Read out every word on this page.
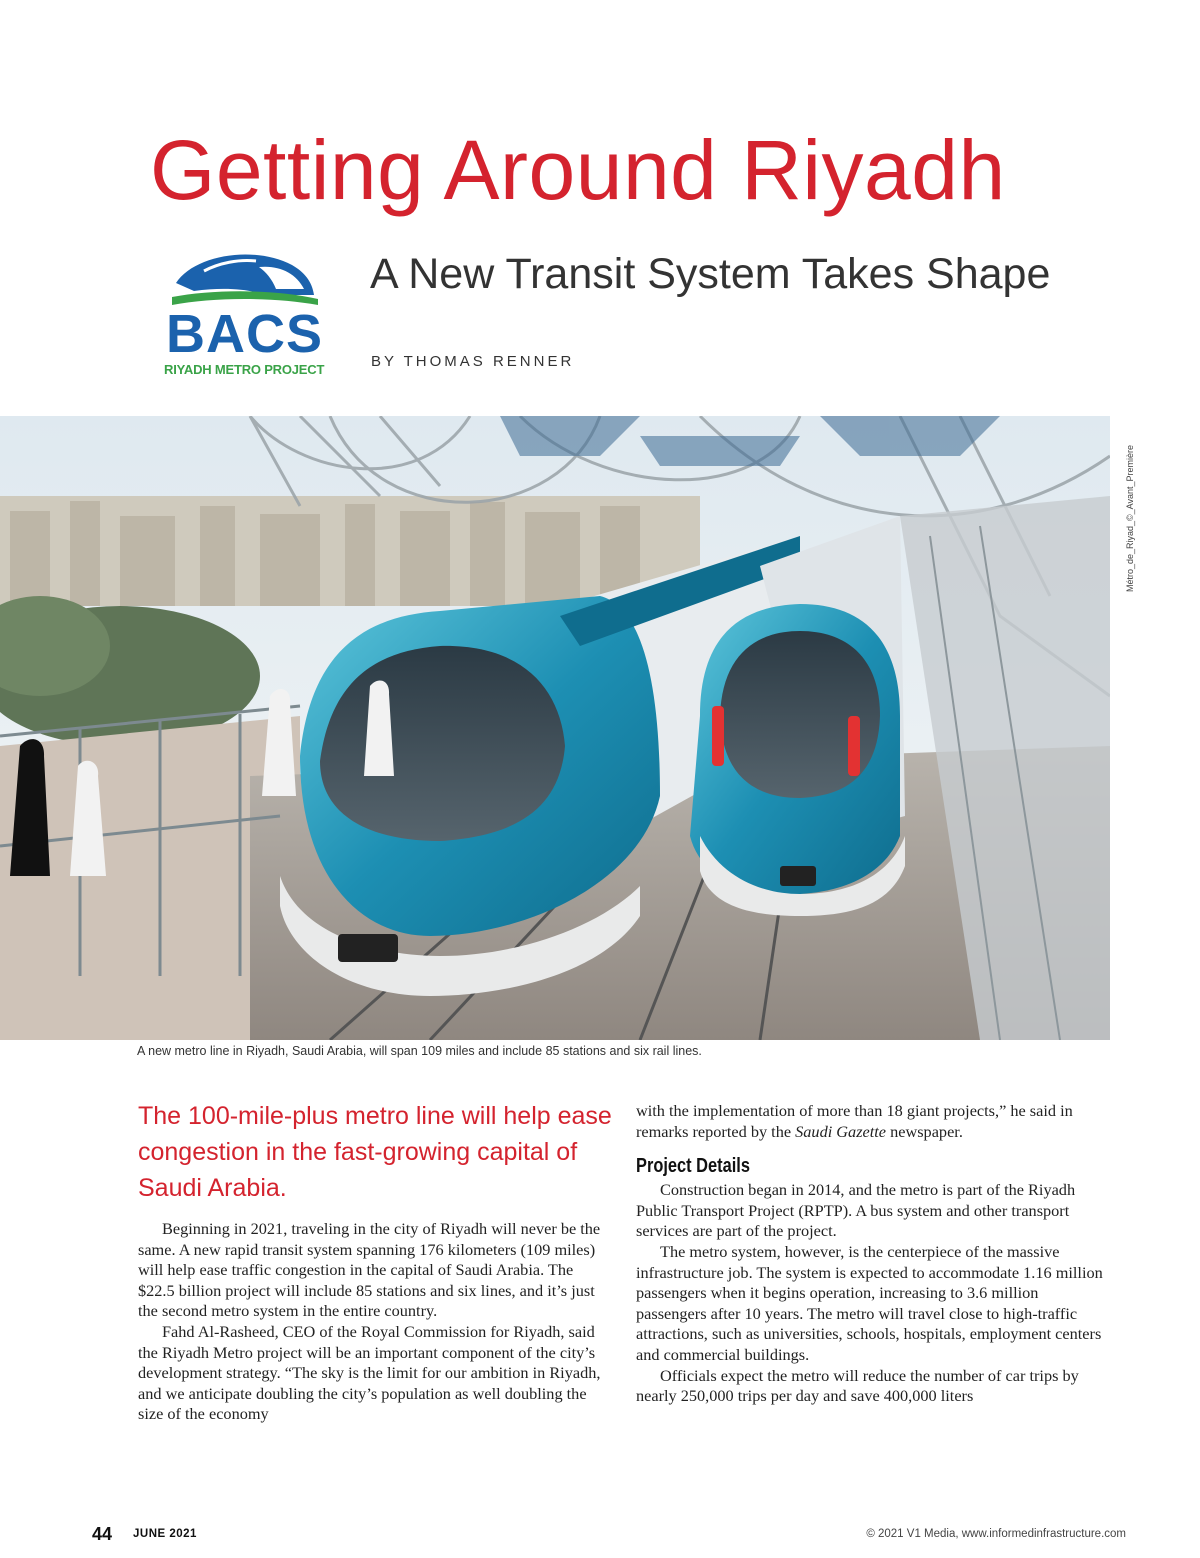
Getting Around Riyadh
BACS
RIYADH METRO PROJECT
A New Transit System Takes Shape
BY THOMAS RENNER
Métro_de_Riyad_©_Avant_Première
A new metro line in Riyadh, Saudi Arabia, will span 109 miles and include 85 stations and six rail lines.

The 100-mile-plus metro line will help ease congestion in the fast-growing capital of Saudi Arabia.

Beginning in 2021, traveling in the city of Riyadh will never be the same. A new rapid transit system spanning 176 kilometers (109 miles) will help ease traffic congestion in the capital of Saudi Arabia. The $22.5 billion project will include 85 stations and six lines, and it’s just the second metro system in the entire country.

Fahd Al-Rasheed, CEO of the Royal Commission for Riyadh, said the Riyadh Metro project will be an important component of the city’s development strategy. “The sky is the limit for our ambition in Riyadh, and we anticipate doubling the city’s population as well doubling the size of the economy

with the implementation of more than 18 giant projects,” he said in remarks reported by the Saudi Gazette newspaper.

Project Details

Construction began in 2014, and the metro is part of the Riyadh Public Transport Project (RPTP). A bus system and other transport services are part of the project.

The metro system, however, is the centerpiece of the massive infrastructure job. The system is expected to accommodate 1.16 million passengers when it begins operation, increasing to 3.6 million passengers after 10 years. The metro will travel close to high-traffic attractions, such as universities, schools, hospitals, employment centers and commercial buildings.

Officials expect the metro will reduce the number of car trips by nearly 250,000 trips per day and save 400,000 liters

44 JUNE 2021	© 2021 V1 Media, www.informedinfrastructure.com
